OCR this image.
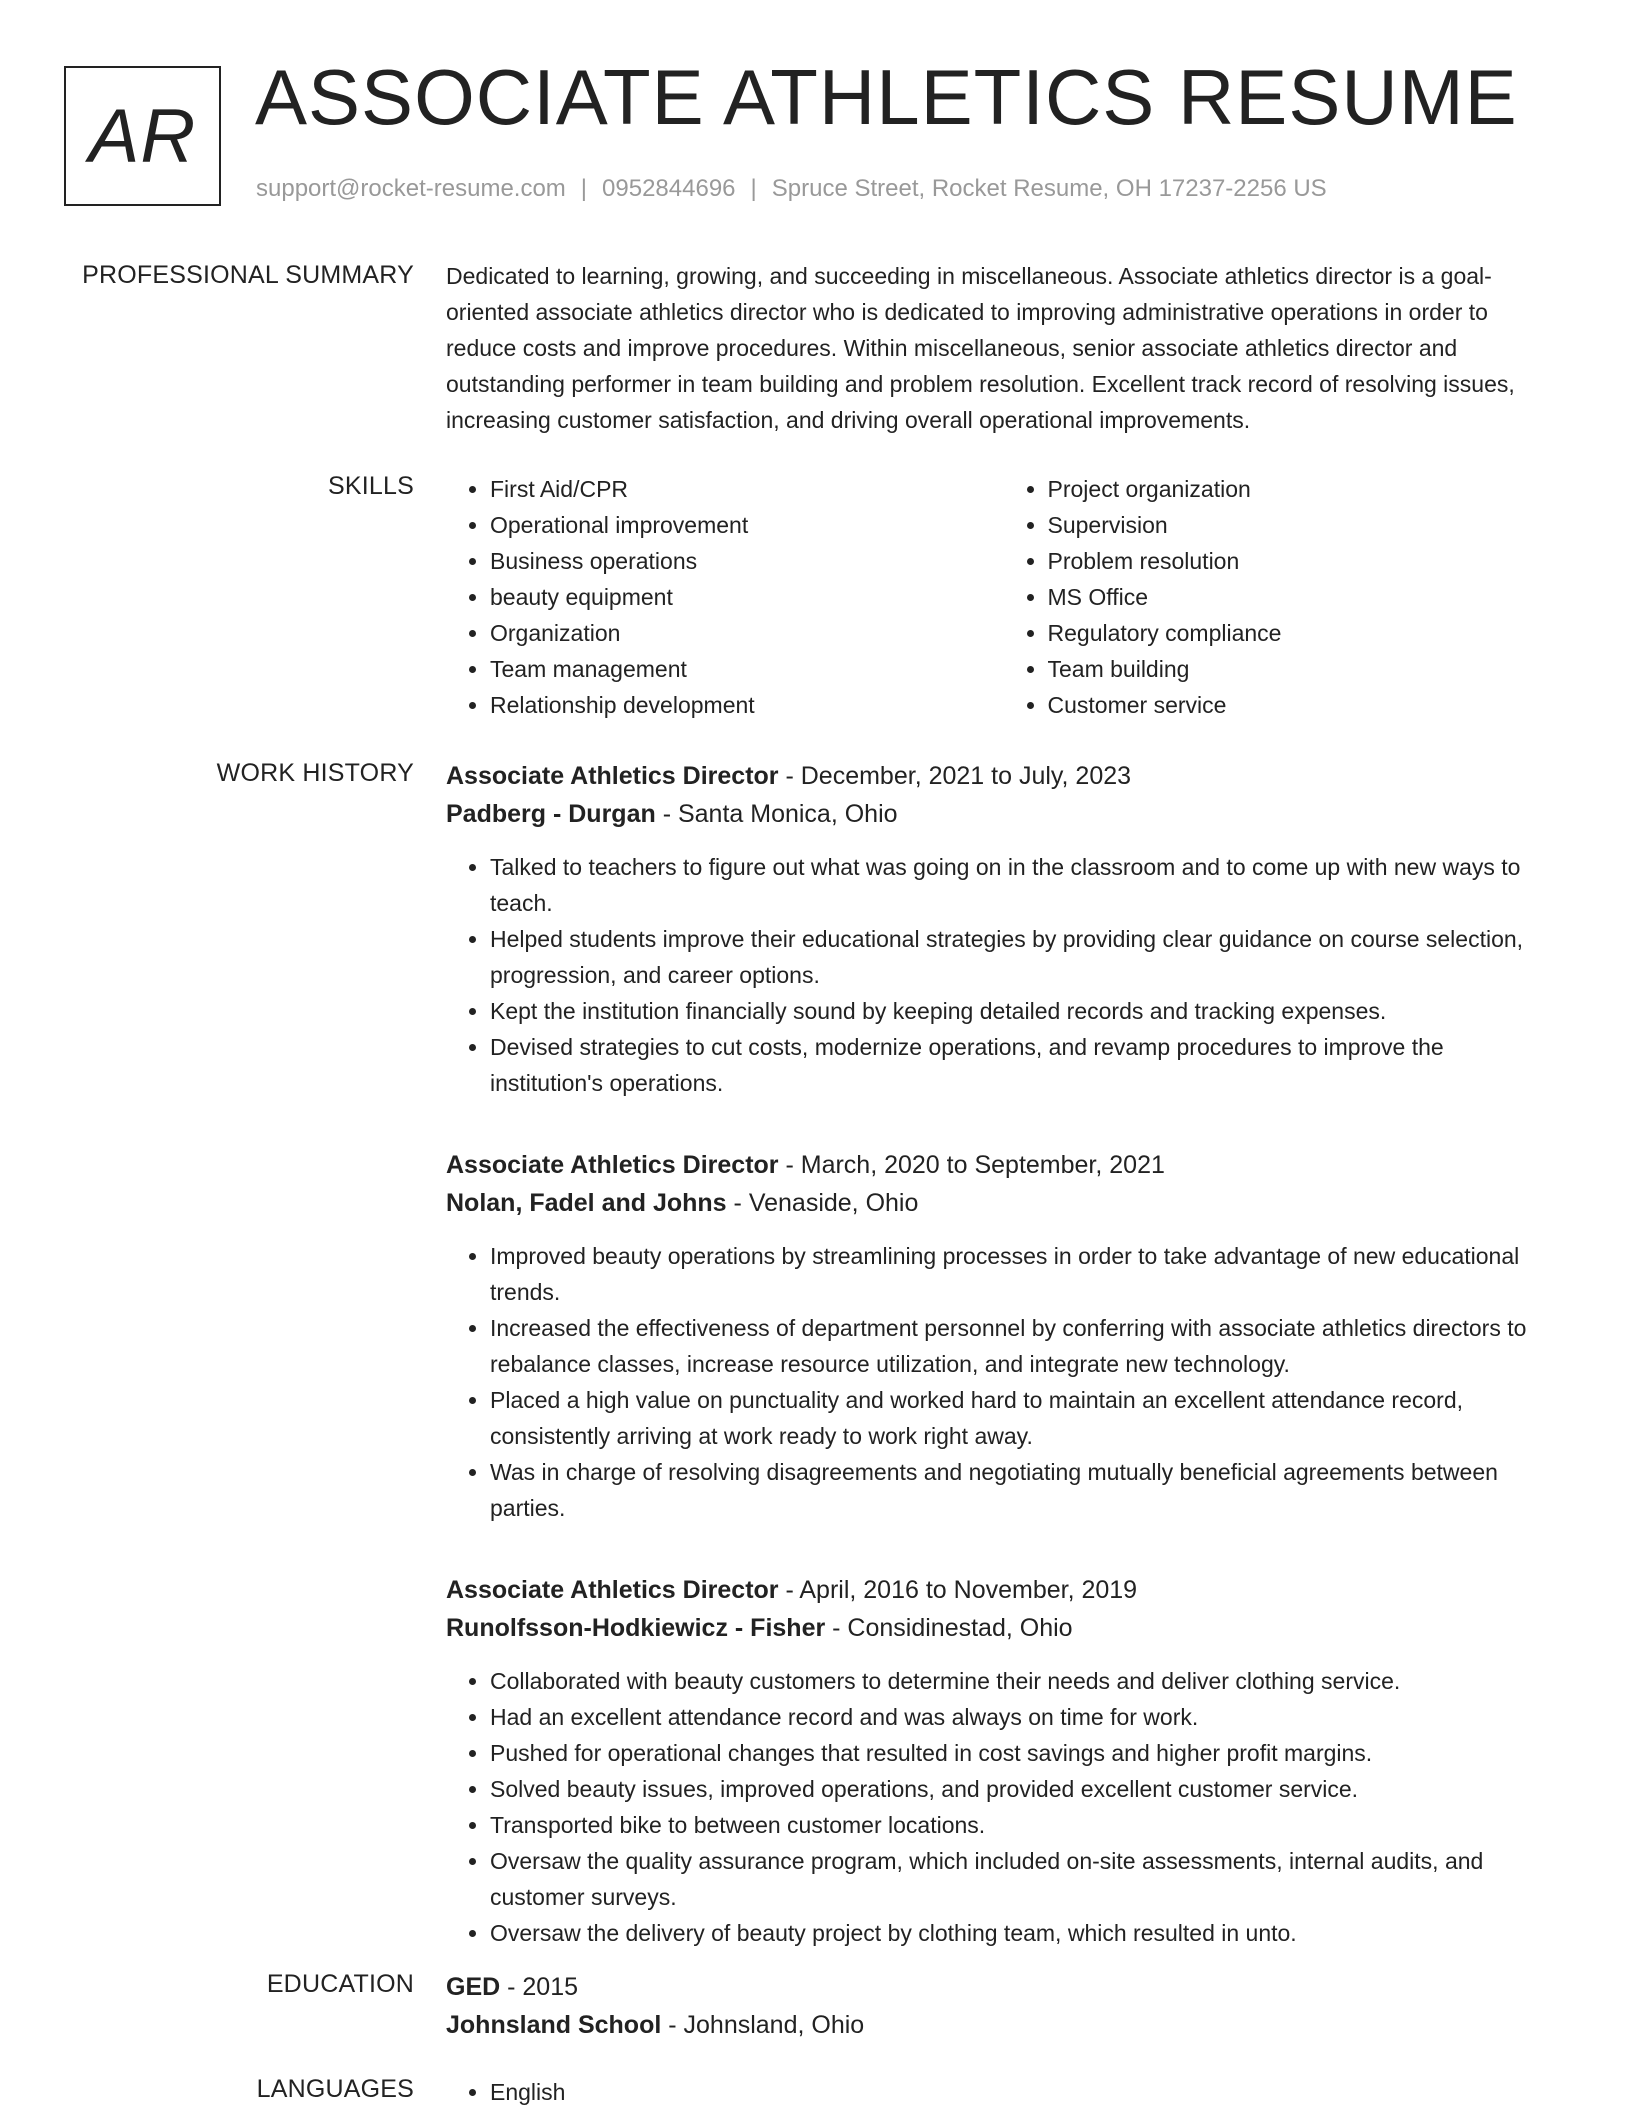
AR ASSOCIATE ATHLETICS RESUME
support@rocket-resume.com | 0952844696 | Spruce Street, Rocket Resume, OH 17237-2256 US
PROFESSIONAL SUMMARY Dedicated to learning, growing, and succeeding in miscellaneous. Associate athletics director is a goal-oriented associate athletics director who is dedicated to improving administrative operations in order to reduce costs and improve procedures. Within miscellaneous, senior associate athletics director and outstanding performer in team building and problem resolution. Excellent track record of resolving issues, increasing customer satisfaction, and driving overall operational improvements.

SKILLS	• First Aid/CPR
• Operational improvement
• Business operations
• beauty equipment
• Organization
• Team management
• Relationship development
• Project organization
• Supervision
• Problem resolution
• MS Office
• Regulatory compliance
• Team building
• Customer service
WORK HISTORY Associate Athletics Director - December, 2021 to July, 2023
Padberg - Durgan - Santa Monica, Ohio
• Talked to teachers to figure out what was going on in the classroom and to come up with new ways to teach.
• Helped students improve their educational strategies by providing clear guidance on course selection, progression, and career options.
• Kept the institution financially sound by keeping detailed records and tracking expenses.
• Devised strategies to cut costs, modernize operations, and revamp procedures to improve the institution's operations.
Associate Athletics Director - March, 2020 to September, 2021
Nolan, Fadel and Johns - Venaside, Ohio
• Improved beauty operations by streamlining processes in order to take advantage of new educational trends.
• Increased the effectiveness of department personnel by conferring with associate athletics directors to rebalance classes, increase resource utilization, and integrate new technology.
• Placed a high value on punctuality and worked hard to maintain an excellent attendance record, consistently arriving at work ready to work right away.
• Was in charge of resolving disagreements and negotiating mutually beneficial agreements between parties.
Associate Athletics Director - April, 2016 to November, 2019
Runolfsson-Hodkiewicz - Fisher - Considinestad, Ohio
• Collaborated with beauty customers to determine their needs and deliver clothing service.
• Had an excellent attendance record and was always on time for work.
• Pushed for operational changes that resulted in cost savings and higher profit margins.
• Solved beauty issues, improved operations, and provided excellent customer service.
• Transported bike to between customer locations.
• Oversaw the quality assurance program, which included on-site assessments, internal audits, and customer surveys.
• Oversaw the delivery of beauty project by clothing team, which resulted in unto.
EDUCATION GED - 2015
Johnsland School - Johnsland, Ohio
LANGUAGES	• English
